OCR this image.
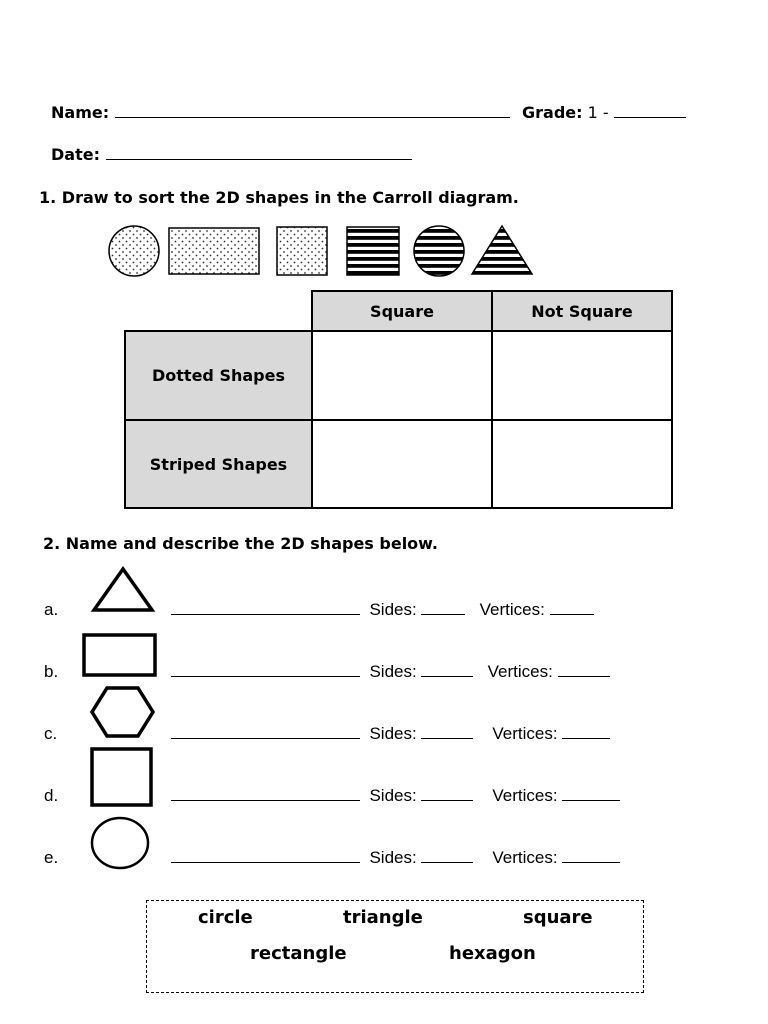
Name:	Grade: 1 -
Date:
1. Draw to sort the 2D shapes in the Carroll diagram.
Square	Not Square
Dotted Shapes		
Striped Shapes		
2. Name and describe the 2D shapes below.
a.	Sides:	Vertices:
b.	Sides:	Vertices:
c.	Sides:	Vertices:
d.	Sides:	Vertices:
e.	Sides:	Vertices:
circle	triangle	square
rectangle	hexagon
